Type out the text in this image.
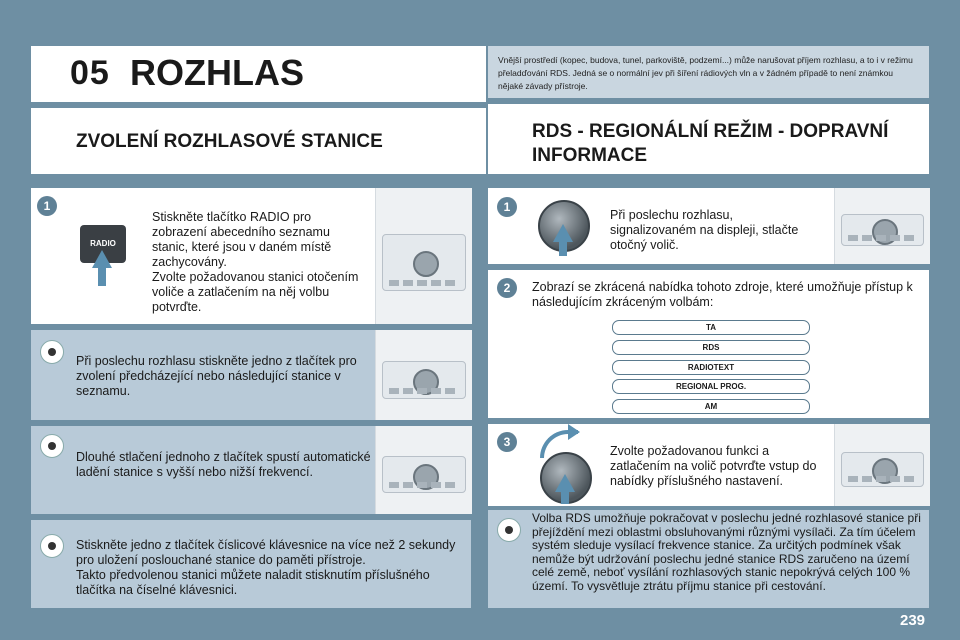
05 ROZHLAS	Vnější prostředí (kopec, budova, tunel, parkoviště, podzemí...) může narušovat příjem rozhlasu, a to i v režimu přeladďování RDS. Jedná se o normální jev při šíření rádiových vln a v žádném případě to není známkou nějaké závady přístroje.
ZVOLENÍ ROZHLASOVÉ STANICE	RDS - REGIONÁLNÍ REŽIM - DOPRAVNÍ INFORMACE
1
RADIO
Stiskněte tlačítko RADIO pro zobrazení abecedního seznamu stanic, které jsou v daném místě zachycovány.
Zvolte požadovanou stanici otočením voliče a zatlačením na něj volbu potvrďte.
Při poslechu rozhlasu stiskněte jedno z tlačítek pro zvolení předcházející nebo následující stanice v seznamu.
Dlouhé stlačení jednoho z tlačítek spustí automatické ladění stanice s vyšší nebo nižší frekvencí.
Stiskněte jedno z tlačítek číslicové klávesnice na více než 2 sekundy pro uložení poslouchané stanice do paměti přístroje.
Takto předvolenou stanici můžete naladit stisknutím příslušného tlačítka na číselné klávesnici.
1
Při poslechu rozhlasu, signalizovaném na displeji, stlačte otočný volič.
2	Zobrazí se zkrácená nabídka tohoto zdroje, které umožňuje přístup k následujícím zkráceným volbám:
TA
RDS
RADIOTEXT
REGIONAL PROG.
AM
3
Zvolte požadovanou funkci a zatlačením na volič potvrďte vstup do nabídky příslušného nastavení.
Volba RDS umožňuje pokračovat v poslechu jedné rozhlasové stanice při přejíždění mezi oblastmi obsluhovanými různými vysílači. Za tím účelem systém sleduje vysílací frekvence stanice. Za určitých podmínek však nemůže být udržování poslechu jedné stanice RDS zaručeno na území celé země, neboť vysílání rozhlasových stanic nepokrývá celých 100 % území. To vysvětluje ztrátu příjmu stanice při cestování.
239
